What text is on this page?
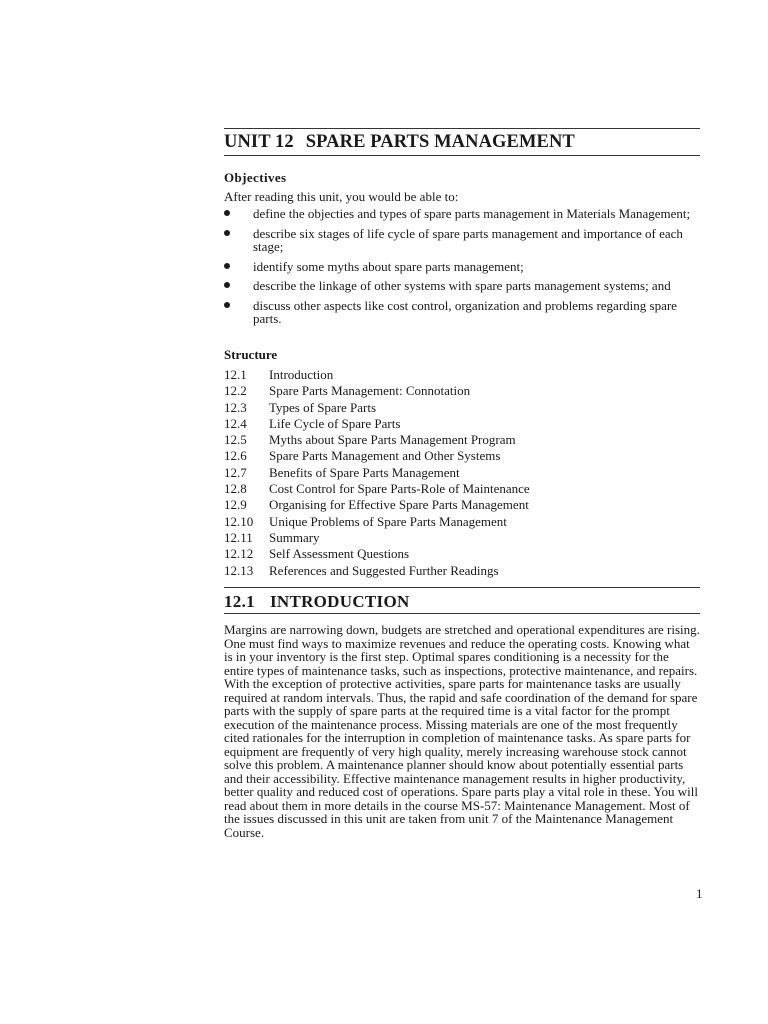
UNIT 12 SPARE PARTS MANAGEMENT
Objectives
After reading this unit, you would be able to:
define the objecties and types of spare parts management in Materials Management;
describe six stages of life cycle of spare parts management and importance of each stage;
identify some myths about spare parts management;
describe the linkage of other systems with spare parts management systems; and
discuss other aspects like cost control, organization and problems regarding spare parts.
Structure
12.1 Introduction
12.2 Spare Parts Management: Connotation
12.3 Types of Spare Parts
12.4 Life Cycle of Spare Parts
12.5 Myths about Spare Parts Management Program
12.6 Spare Parts Management and Other Systems
12.7 Benefits of Spare Parts Management
12.8 Cost Control for Spare Parts-Role of Maintenance
12.9 Organising for Effective Spare Parts Management
12.10 Unique Problems of Spare Parts Management
12.11 Summary
12.12 Self Assessment Questions
12.13 References and Suggested Further Readings
12.1 INTRODUCTION

Margins are narrowing down, budgets are stretched and operational expenditures are rising. One must find ways to maximize revenues and reduce the operating costs. Knowing what is in your inventory is the first step. Optimal spares conditioning is a necessity for the entire types of maintenance tasks, such as inspections, protective maintenance, and repairs. With the exception of protective activities, spare parts for maintenance tasks are usually required at random intervals. Thus, the rapid and safe coordination of the demand for spare parts with the supply of spare parts at the required time is a vital factor for the prompt execution of the maintenance process. Missing materials are one of the most frequently cited rationales for the interruption in completion of maintenance tasks. As spare parts for equipment are frequently of very high quality, merely increasing warehouse stock cannot solve this problem. A maintenance planner should know about potentially essential parts and their accessibility. Effective maintenance management results in higher productivity, better quality and reduced cost of operations. Spare parts play a vital role in these. You will read about them in more details in the course MS-57: Maintenance Management. Most of the issues discussed in this unit are taken from unit 7 of the Maintenance Management Course.

1
